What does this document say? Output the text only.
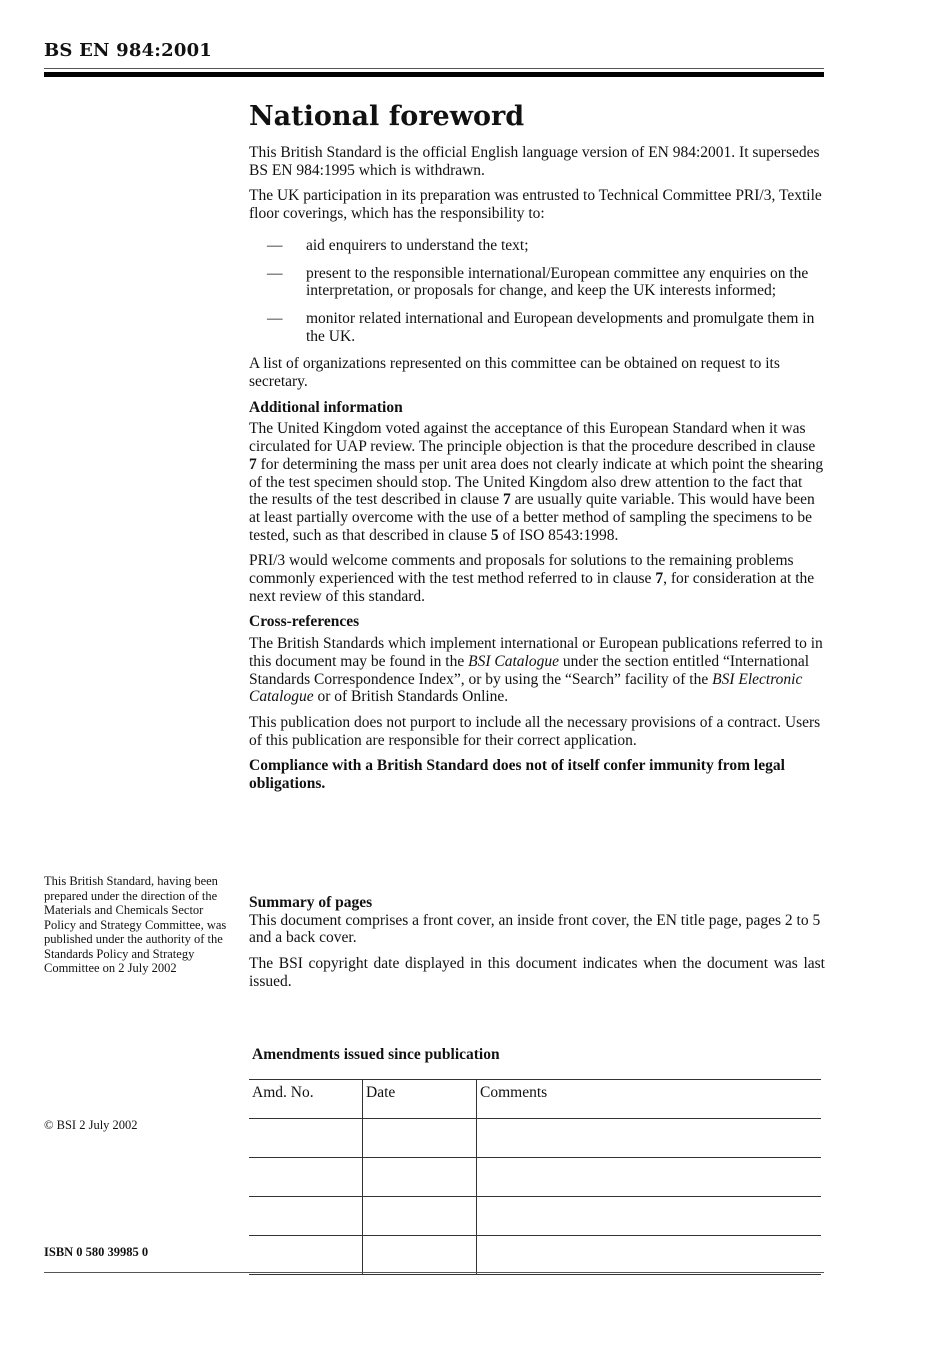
BS EN 984:2001
National foreword

This British Standard is the official English language version of EN 984:2001. It supersedes BS EN 984:1995 which is withdrawn.

The UK participation in its preparation was entrusted to Technical Committee PRI/3, Textile floor coverings, which has the responsibility to:

— aid enquirers to understand the text;
— present to the responsible international/European committee any enquiries on the interpretation, or proposals for change, and keep the UK interests informed;
— monitor related international and European developments and promulgate them in the UK.

A list of organizations represented on this committee can be obtained on request to its secretary.

Additional information

The United Kingdom voted against the acceptance of this European Standard when it was circulated for UAP review. The principle objection is that the procedure described in clause 7 for determining the mass per unit area does not clearly indicate at which point the shearing of the test specimen should stop. The United Kingdom also drew attention to the fact that the results of the test described in clause 7 are usually quite variable. This would have been at least partially overcome with the use of a better method of sampling the specimens to be tested, such as that described in clause 5 of ISO 8543:1998.

PRI/3 would welcome comments and proposals for solutions to the remaining problems commonly experienced with the test method referred to in clause 7, for consideration at the next review of this standard.

Cross-references

The British Standards which implement international or European publications referred to in this document may be found in the BSI Catalogue under the section entitled “International Standards Correspondence Index”, or by using the “Search” facility of the BSI Electronic Catalogue or of British Standards Online.

This publication does not purport to include all the necessary provisions of a contract. Users of this publication are responsible for their correct application.

Compliance with a British Standard does not of itself confer immunity from legal obligations.

This British Standard, having been prepared under the direction of the Materials and Chemicals Sector Policy and Strategy Committee, was published under the authority of the Standards Policy and Strategy Committee on 2 July 2002
Summary of pages

This document comprises a front cover, an inside front cover, the EN title page, pages 2 to 5 and a back cover.

The BSI copyright date displayed in this document indicates when the document was last issued.

Amendments issued since publication
Amd. No.	Date	Comments

© BSI 2 July 2002
ISBN 0 580 39985 0
